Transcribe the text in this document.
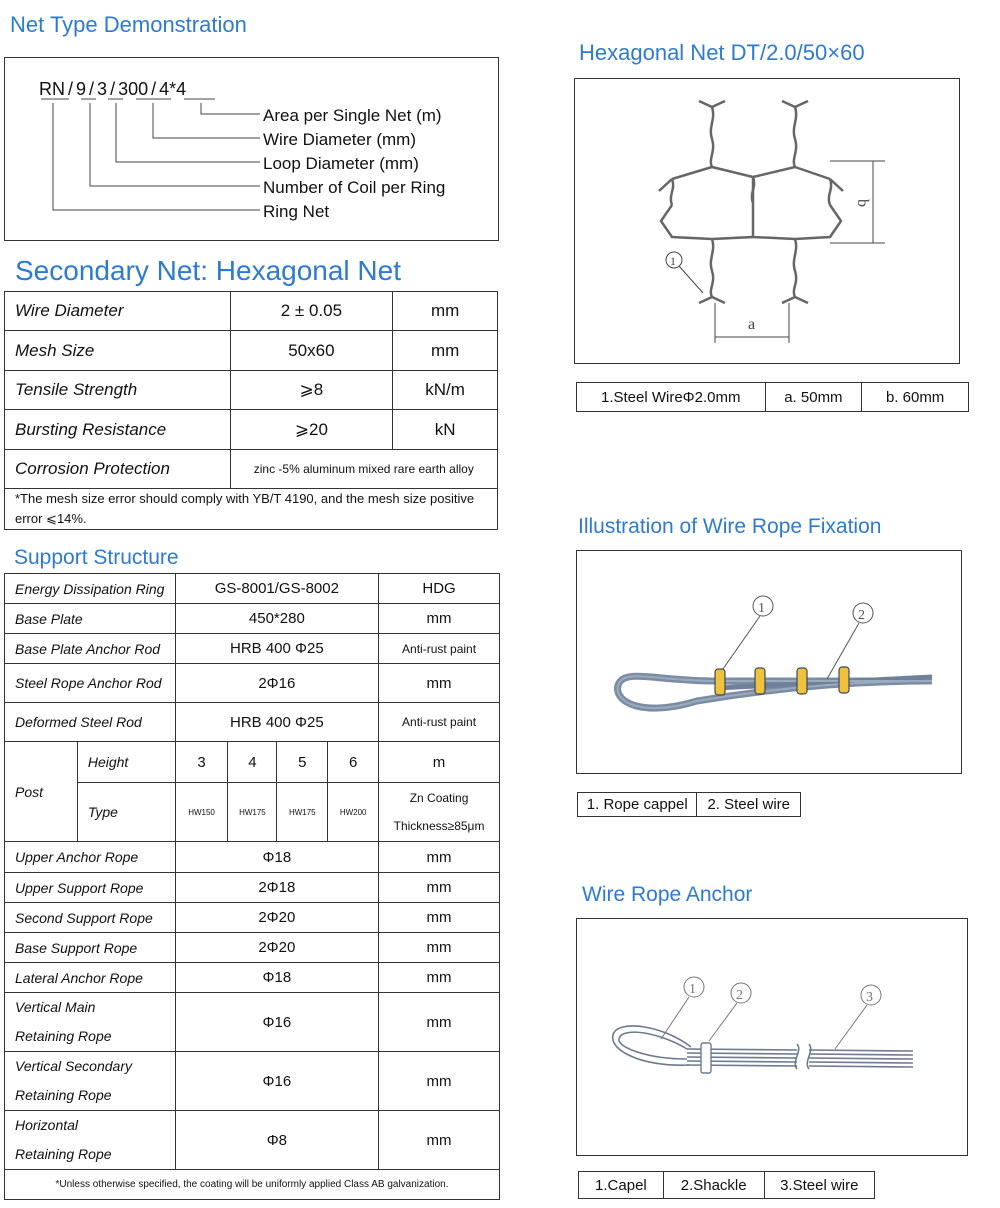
Net Type Demonstration
RN / 9 / 3 / 300 / 4*4
Area per Single Net (m)
Wire Diameter (mm)
Loop Diameter (mm)
Number of Coil per Ring
Ring Net
Secondary Net: Hexagonal Net
Wire Diameter	2 ± 0.05	mm
Mesh Size	50x60	mm
Tensile Strength	⩾8	kN/m
Bursting Resistance	⩾20	kN
Corrosion Protection	zinc -5% aluminum mixed rare earth alloy	
*The mesh size error should comply with YB/T 4190, and the mesh size positive error ⩽14%.		
Support Structure
Energy Dissipation Ring		GS-8001/GS-8002				HDG
Base Plate		450*280				mm
Base Plate Anchor Rod		HRB 400 Φ25				Anti-rust paint
Steel Rope Anchor Rod		2Φ16				mm
Deformed Steel Rod		HRB 400 Φ25				Anti-rust paint
Post	Height	3	4	5	6	m
	Type	HW150	HW175	HW175	HW200	Zn Coating
Thickness≥85μm

Upper Anchor Rope		Φ18				mm
Upper Support Rope		2Φ18				mm
Second Support Rope		2Φ20				mm
Base Support Rope		2Φ20				mm
Lateral Anchor Rope		Φ18				mm

Vertical Main
Retaining Rope		Φ16				mm

Vertical Secondary
Retaining Rope		Φ16				mm

Horizontal
Retaining Rope		Φ8				mm
*Unless otherwise specified, the coating will be uniformly applied Class AB galvanization.						
Hexagonal Net DT/2.0/50×60
1
a
b
1.Steel WireΦ2.0mm	a. 50mm	b. 60mm
Illustration of Wire Rope Fixation
1	2
1. Rope cappel	2. Steel wire
Wire Rope Anchor
1	2	3
1.Capel	2.Shackle	3.Steel wire
